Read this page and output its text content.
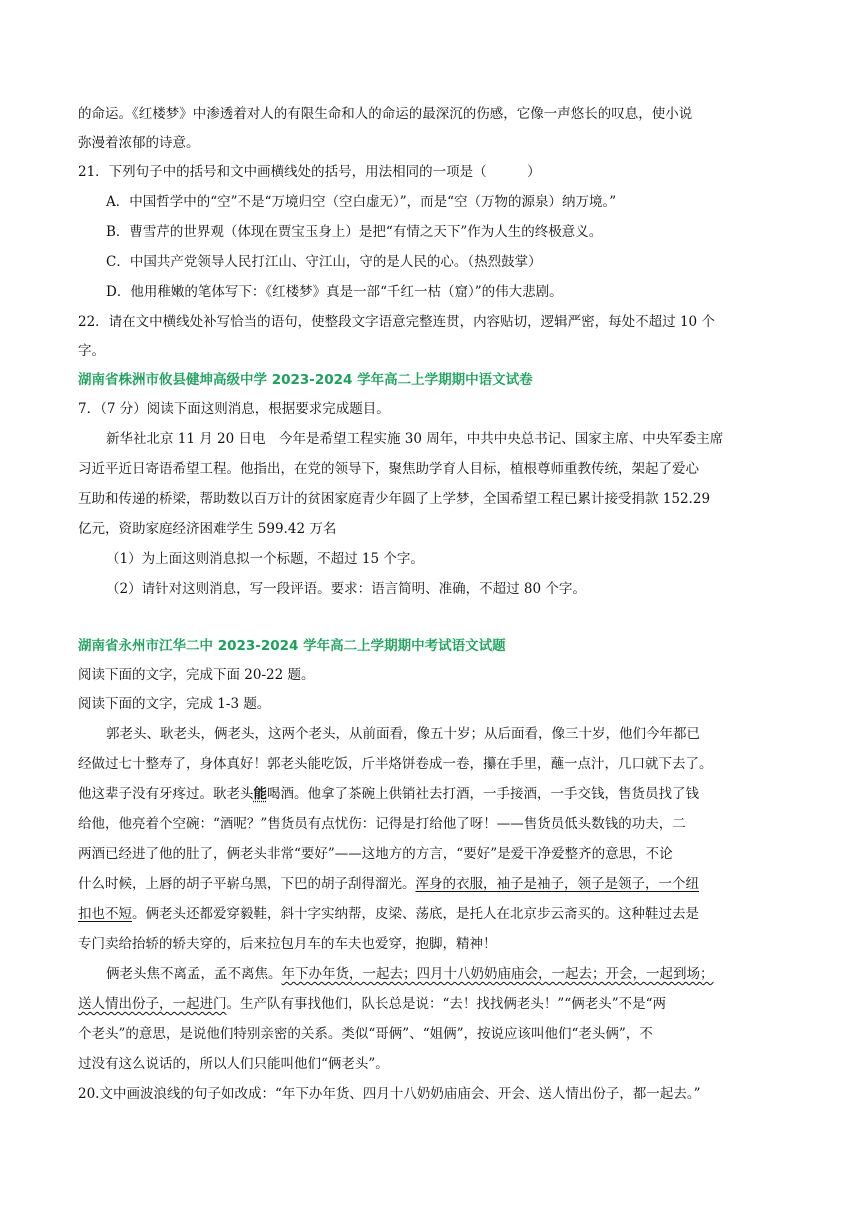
的命运。《红楼梦》中渗透着对人的有限生命和人的命运的最深沉的伤感，它像一声悠长的叹息，使小说
弥漫着浓郁的诗意。
21．下列句子中的括号和文中画横线处的括号，用法相同的一项是（　　　）
A．中国哲学中的“空”不是“万境归空（空白虚无）”，而是“空（万物的源泉）纳万境。”
B．曹雪芹的世界观（体现在贾宝玉身上）是把“有情之天下”作为人生的终极意义。
C．中国共产党领导人民打江山、守江山，守的是人民的心。（热烈鼓掌）
D．他用稚嫩的笔体写下：《红楼梦》真是一部“千红一枯（窟）”的伟大悲剧。
22．请在文中横线处补写恰当的语句，使整段文字语意完整连贯，内容贴切，逻辑严密，每处不超过 10 个
字。
湖南省株洲市攸县健坤高级中学 2023-2024 学年高二上学期期中语文试卷
7．（7 分）阅读下面这则消息，根据要求完成题目。
新华社北京 11 月 20 日电　今年是希望工程实施 30 周年，中共中央总书记、国家主席、中央军委主席
习近平近日寄语希望工程。他指出，在党的领导下，聚焦助学育人目标，植根尊师重教传统，架起了爱心
互助和传递的桥梁，帮助数以百万计的贫困家庭青少年圆了上学梦，全国希望工程已累计接受捐款 152.29
亿元，资助家庭经济困难学生 599.42 万名
（1）为上面这则消息拟一个标题，不超过 15 个字。
（2）请针对这则消息，写一段评语。要求：语言简明、准确，不超过 80 个字。
湖南省永州市江华二中 2023-2024 学年高二上学期期中考试语文试题
阅读下面的文字，完成下面 20-22 题。
阅读下面的文字，完成 1-3 题。
郭老头、耿老头，俩老头，这两个老头，从前面看，像五十岁；从后面看，像三十岁，他们今年都已
经做过七十整寿了，身体真好！郭老头能吃饭，斤半烙饼卷成一卷，攥在手里，蘸一点汁，几口就下去了。
他这辈子没有牙疼过。耿老头能喝酒。他拿了茶碗上供销社去打酒，一手接酒，一手交钱，售货员找了钱
给他，他亮着个空碗：“酒呢？”售货员有点忧伤：记得是打给他了呀！——售货员低头数钱的功夫，二
两酒已经进了他的肚了，俩老头非常“要好”——这地方的方言，“要好”是爱干净爱整齐的意思，不论
什么时候，上唇的胡子平崭乌黑，下巴的胡子刮得溜光。浑身的衣服，袖子是袖子，领子是领子，一个纽
扣也不短。俩老头还都爱穿毅鞋，斜十字实纳帮，皮梁、荡底，是托人在北京步云斋买的。这种鞋过去是
专门卖给抬轿的轿夫穿的，后来拉包月车的车夫也爱穿，抱脚，精神！
俩老头焦不离孟，孟不离焦。年下办年货，一起去；四月十八奶奶庙庙会，一起去；开会，一起到场；
送人情出份子，一起进门。生产队有事找他们，队长总是说：“去！找找俩老头！”“俩老头”不是“两
个老头”的意思，是说他们特别亲密的关系。类似“哥俩”、“姐俩”，按说应该叫他们“老头俩”，不
过没有这么说话的，所以人们只能叫他们“俩老头”。
20.文中画波浪线的句子如改成：“年下办年货、四月十八奶奶庙庙会、开会、送人情出份子，都一起去。”
